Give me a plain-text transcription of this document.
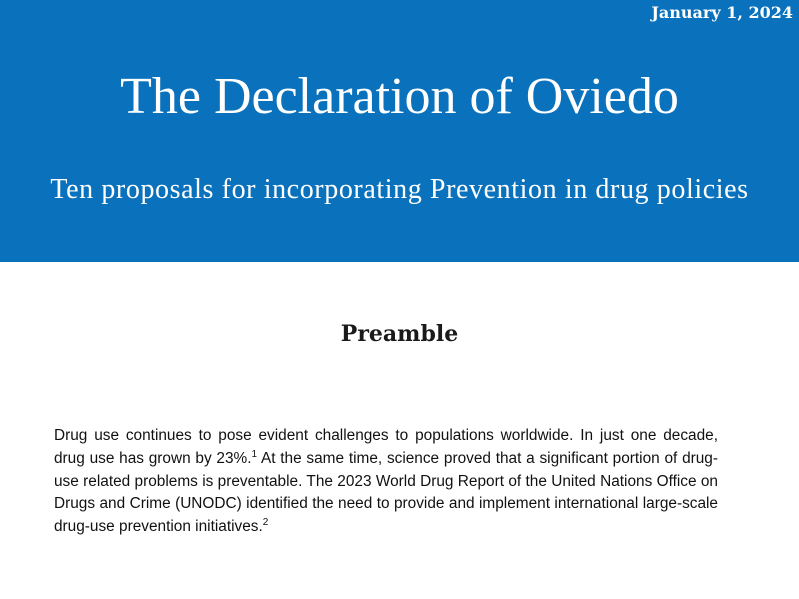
January 1, 2024
The Declaration of Oviedo
Ten proposals for incorporating Prevention in drug policies
Preamble

Drug use continues to pose evident challenges to populations worldwide. In just one decade, drug use has grown by 23%.$^1$ At the same time, science proved that a significant portion of drug-use related problems is preventable. The 2023 World Drug Report of the United Nations Office on Drugs and Crime (UNODC) identified the need to provide and implement international large-scale drug-use prevention initiatives.$^2$
